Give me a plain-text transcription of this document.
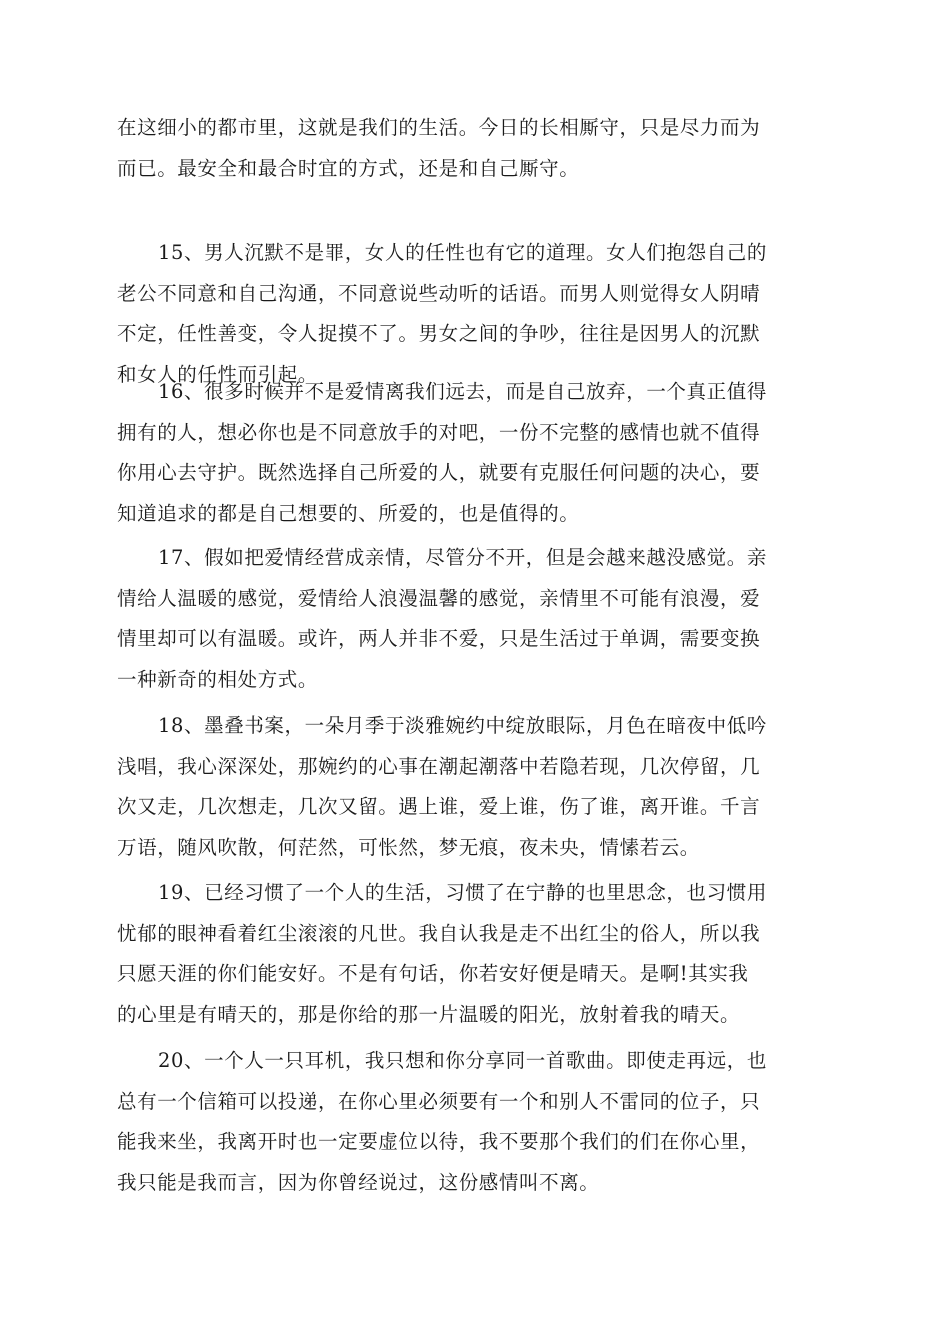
在这细小的都市里，这就是我们的生活。今日的长相厮守，只是尽力而为
而已。最安全和最合时宜的方式，还是和自己厮守。
15、男人沉默不是罪，女人的任性也有它的道理。女人们抱怨自己的
老公不同意和自己沟通，不同意说些动听的话语。而男人则觉得女人阴晴
不定，任性善变，令人捉摸不了。男女之间的争吵，往往是因男人的沉默
和女人的任性而引起。
16、很多时候并不是爱情离我们远去，而是自己放弃，一个真正值得
拥有的人，想必你也是不同意放手的对吧，一份不完整的感情也就不值得
你用心去守护。既然选择自己所爱的人，就要有克服任何问题的决心，要
知道追求的都是自己想要的、所爱的，也是值得的。
17、假如把爱情经营成亲情，尽管分不开，但是会越来越没感觉。亲
情给人温暖的感觉，爱情给人浪漫温馨的感觉，亲情里不可能有浪漫，爱
情里却可以有温暖。或许，两人并非不爱，只是生活过于单调，需要变换
一种新奇的相处方式。
18、墨叠书案，一朵月季于淡雅婉约中绽放眼际，月色在暗夜中低吟
浅唱，我心深深处，那婉约的心事在潮起潮落中若隐若现，几次停留，几
次又走，几次想走，几次又留。遇上谁，爱上谁，伤了谁，离开谁。千言
万语，随风吹散，何茫然，可怅然，梦无痕，夜未央，情愫若云。
19、已经习惯了一个人的生活，习惯了在宁静的也里思念，也习惯用
忧郁的眼神看着红尘滚滚的凡世。我自认我是走不出红尘的俗人，所以我
只愿天涯的你们能安好。不是有句话，你若安好便是晴天。是啊!其实我
的心里是有晴天的，那是你给的那一片温暖的阳光，放射着我的晴天。
20、一个人一只耳机，我只想和你分享同一首歌曲。即使走再远，也
总有一个信箱可以投递，在你心里必须要有一个和别人不雷同的位子，只
能我来坐，我离开时也一定要虚位以待，我不要那个我们的们在你心里，
我只能是我而言，因为你曾经说过，这份感情叫不离。
